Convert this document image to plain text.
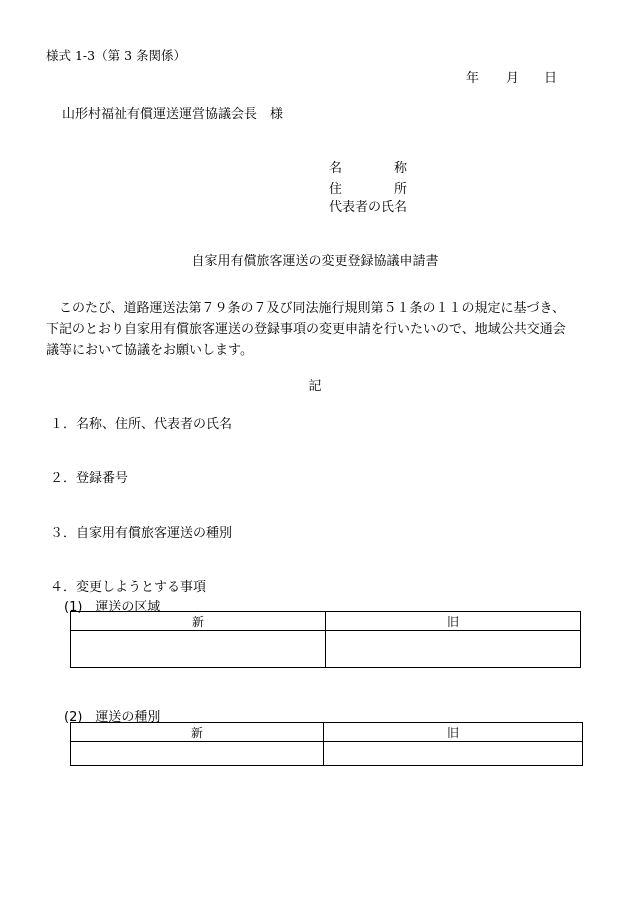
様式 1-3（第 3 条関係）
年 月 日
山形村福祉有償運送運営協議会長　様
名　　　　称
住　　　　所
代表者の氏名
自家用有償旅客運送の変更登録協議申請書

このたび、道路運送法第７９条の７及び同法施行規則第５１条の１１の規定に基づき、

下記のとおり自家用有償旅客運送の登録事項の変更申請を行いたいので、地域公共交通会

議等において協議をお願いします。

記
１．名称、住所、代表者の氏名
２．登録番号
３．自家用有償旅客運送の種別
４．変更しようとする事項
(1)　運送の区域
新	旧

(2)　運送の種別
新	旧
